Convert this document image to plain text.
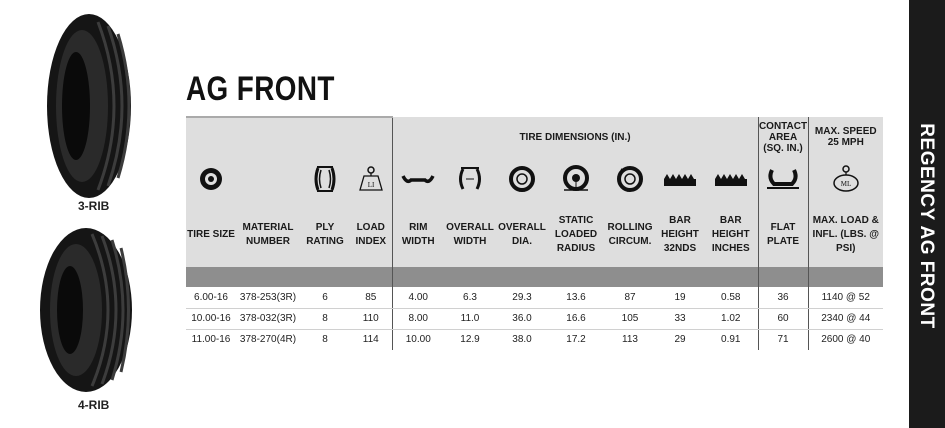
3-RIB
4-RIB
AG FRONT
REGENCY AG FRONT
				TIRE DIMENSIONS (IN.)							CONTACT AREA (SQ. IN.)	MAX. SPEED 25 MPH

LI									ML

TIRE SIZE	MATERIAL NUMBER	PLY RATING	LOAD INDEX	RIM WIDTH	OVERALL WIDTH	OVERALL DIA.	STATIC LOADED RADIUS	ROLLING CIRCUM.	BAR HEIGHT 32NDS	BAR HEIGHT INCHES	FLAT PLATE	MAX. LOAD & INFL. (LBS. @ PSI)

6.00-16	378-253(3R)	6	85	4.00	6.3	29.3	13.6	87	19	0.58	36	1140 @ 52
10.00-16	378-032(3R)	8	110	8.00	11.0	36.0	16.6	105	33	1.02	60	2340 @ 44
11.00-16	378-270(4R)	8	114	10.00	12.9	38.0	17.2	113	29	0.91	71	2600 @ 40
